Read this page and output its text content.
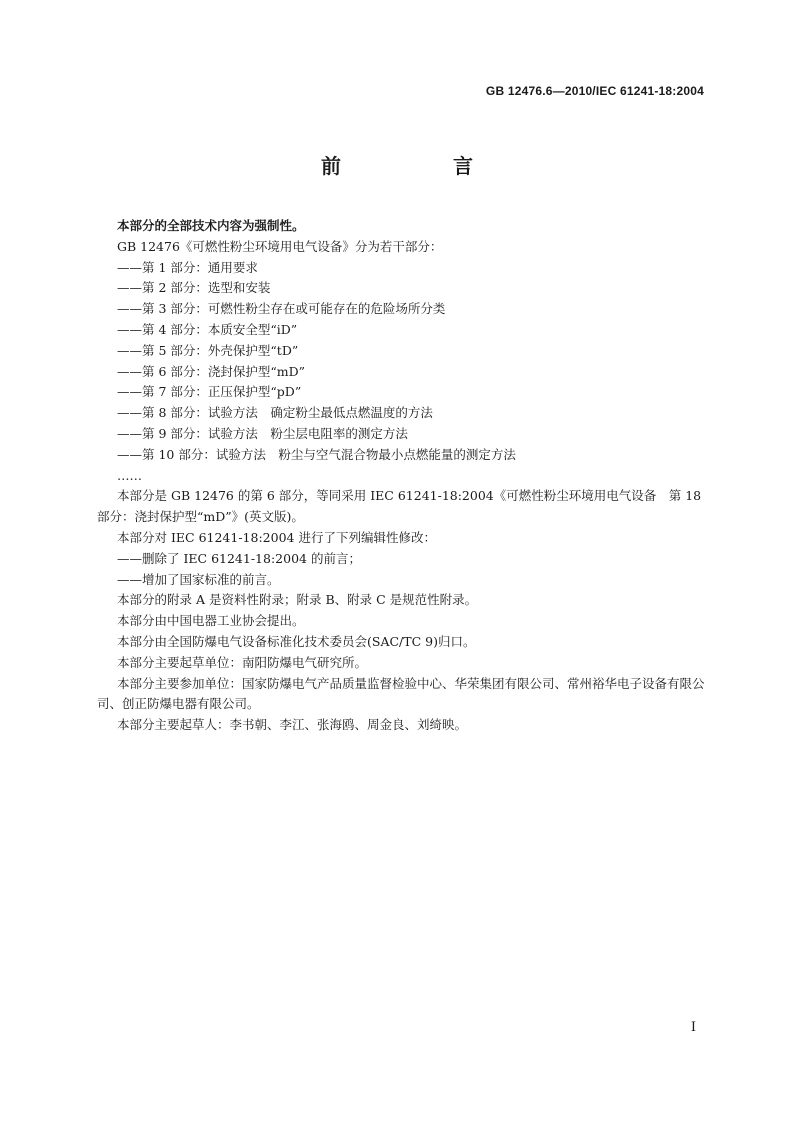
GB 12476.6—2010/IEC 61241-18:2004
前　言

本部分的全部技术内容为强制性。

GB 12476《可燃性粉尘环境用电气设备》分为若干部分：

——第 1 部分：通用要求

——第 2 部分：选型和安装

——第 3 部分：可燃性粉尘存在或可能存在的危险场所分类

——第 4 部分：本质安全型“iD”

——第 5 部分：外壳保护型“tD”

——第 6 部分：浇封保护型“mD”

——第 7 部分：正压保护型“pD”

——第 8 部分：试验方法　确定粉尘最低点燃温度的方法

——第 9 部分：试验方法　粉尘层电阻率的测定方法

——第 10 部分：试验方法　粉尘与空气混合物最小点燃能量的测定方法

……

本部分是 GB 12476 的第 6 部分，等同采用 IEC 61241-18:2004《可燃性粉尘环境用电气设备　第 18 部分：浇封保护型“mD”》(英文版)。

本部分对 IEC 61241-18:2004 进行了下列编辑性修改：

——删除了 IEC 61241-18:2004 的前言；

——增加了国家标准的前言。

本部分的附录 A 是资料性附录；附录 B、附录 C 是规范性附录。

本部分由中国电器工业协会提出。

本部分由全国防爆电气设备标准化技术委员会(SAC/TC 9)归口。

本部分主要起草单位：南阳防爆电气研究所。

本部分主要参加单位：国家防爆电气产品质量监督检验中心、华荣集团有限公司、常州裕华电子设备有限公司、创正防爆电器有限公司。

本部分主要起草人：李书朝、李江、张海鸥、周金良、刘绮映。

I
